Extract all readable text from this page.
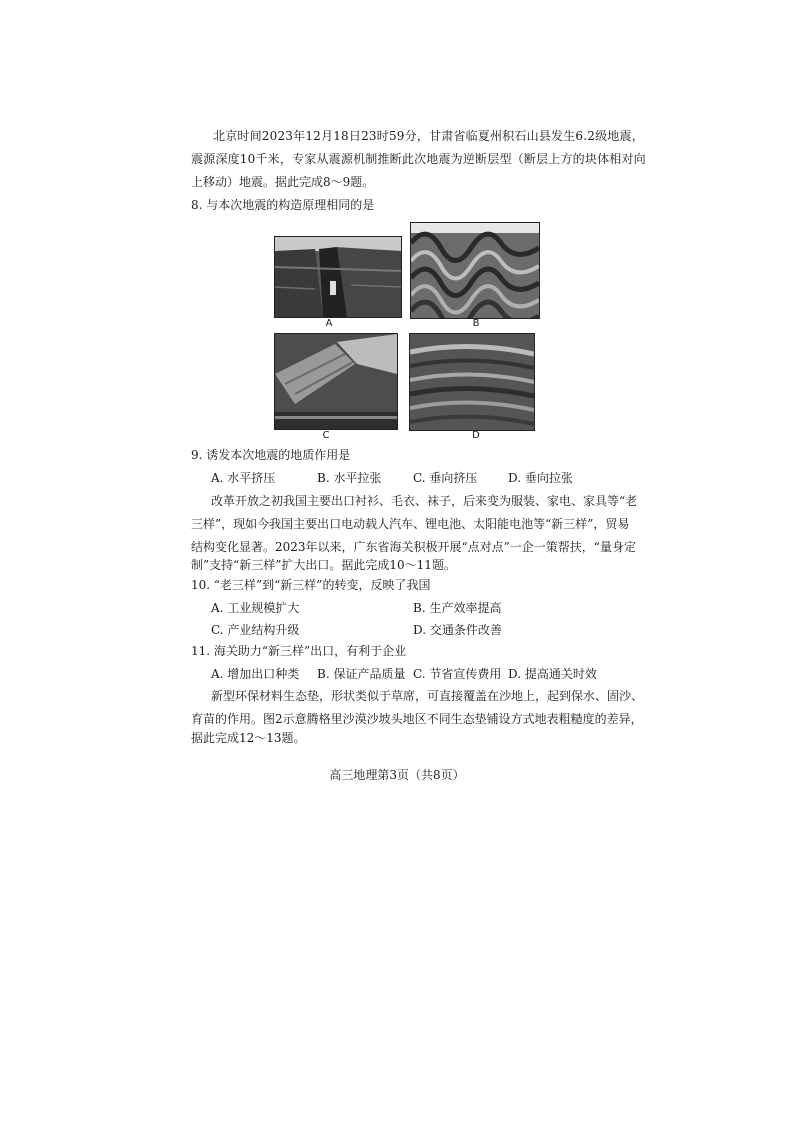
北京时间2023年12月18日23时59分，甘肃省临夏州积石山县发生6.2级地震，
震源深度10千米，专家从震源机制推断此次地震为逆断层型（断层上方的块体相对向
上移动）地震。据此完成8～9题。
8. 与本次地震的构造原理相同的是
A	B
C	D
9. 诱发本次地震的地质作用是
A. 水平挤压	B. 水平拉张	C. 垂向挤压	D. 垂向拉张
改革开放之初我国主要出口衬衫、毛衣、袜子，后来变为服装、家电、家具等“老
三样”，现如今我国主要出口电动载人汽车、锂电池、太阳能电池等“新三样”，贸易
结构变化显著。2023年以来，广东省海关积极开展“点对点”一企一策帮扶，“量身定
制”支持“新三样”扩大出口。据此完成10～11题。
10. “老三样”到“新三样”的转变，反映了我国
A. 工业规模扩大	B. 生产效率提高
C. 产业结构升级	D. 交通条件改善
11. 海关助力“新三样”出口，有利于企业
A. 增加出口种类 B. 保证产品质量 C. 节省宣传费用 D. 提高通关时效
新型环保材料生态垫，形状类似于草席，可直接覆盖在沙地上，起到保水、固沙、
育苗的作用。图2示意腾格里沙漠沙坡头地区不同生态垫铺设方式地表粗糙度的差异，
据此完成12～13题。
高三地理第3页（共8页）
